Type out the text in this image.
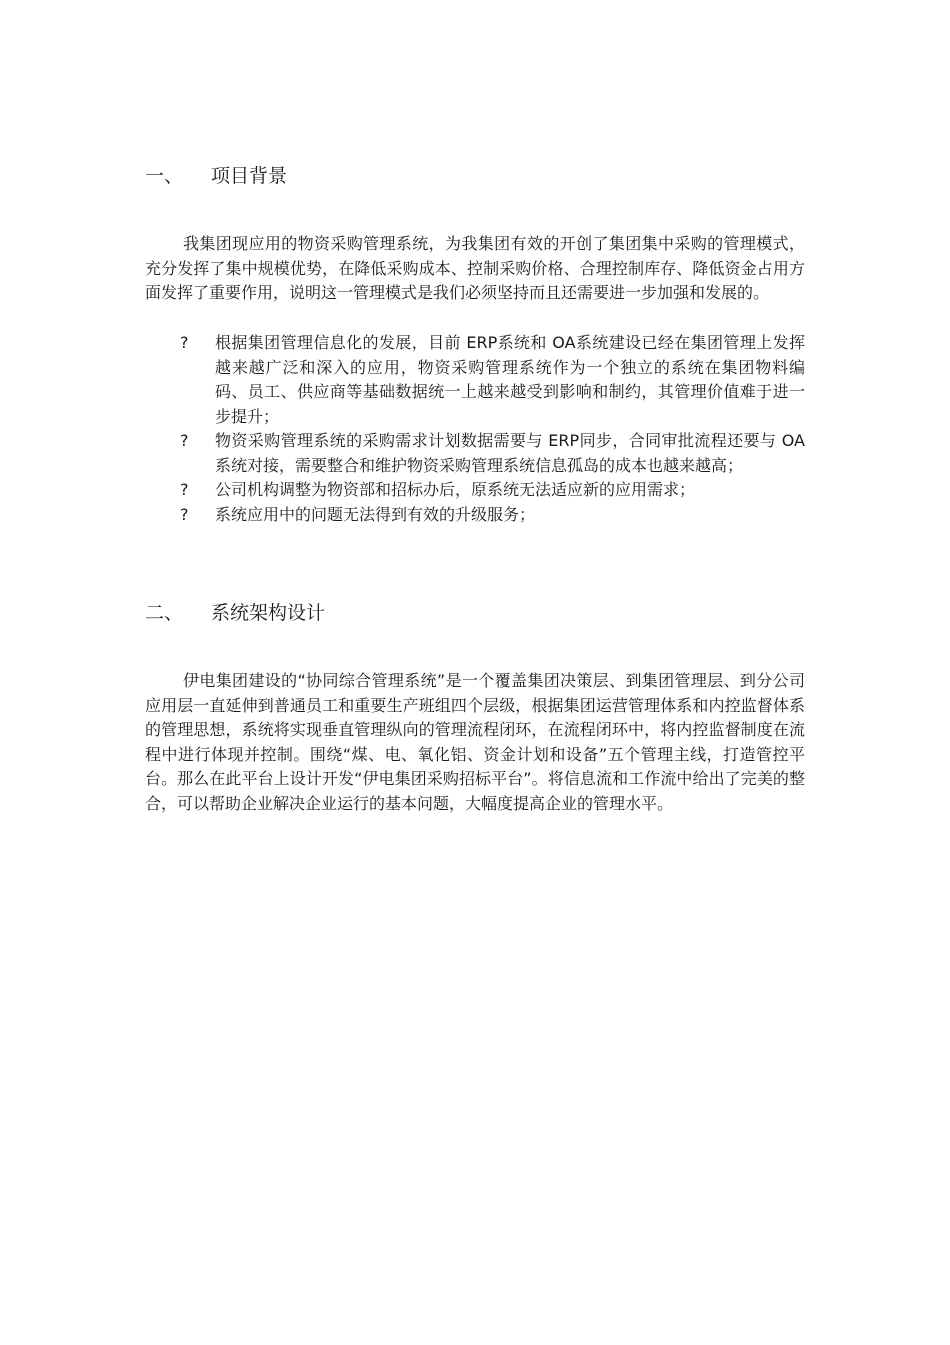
一、 项目背景

我集团现应用的物资采购管理系统，为我集团有效的开创了集团集中采购的管理模式，充分发挥了集中规模优势，在降低采购成本、控制采购价格、合理控制库存、降低资金占用方面发挥了重要作用，说明这一管理模式是我们必须坚持而且还需要进一步加强和发展的。

?	根据集团管理信息化的发展，目前 ERP系统和 OA系统建设已经在集团管理上发挥越来越广泛和深入的应用，物资采购管理系统作为一个独立的系统在集团物料编码、员工、供应商等基础数据统一上越来越受到影响和制约，其管理价值难于进一步提升；
?	物资采购管理系统的采购需求计划数据需要与 ERP同步，合同审批流程还要与 OA系统对接，需要整合和维护物资采购管理系统信息孤岛的成本也越来越高；
?	公司机构调整为物资部和招标办后，原系统无法适应新的应用需求；
?	系统应用中的问题无法得到有效的升级服务；
二、 系统架构设计

伊电集团建设的“协同综合管理系统”是一个覆盖集团决策层、到集团管理层、到分公司应用层一直延伸到普通员工和重要生产班组四个层级，根据集团运营管理体系和内控监督体系的管理思想，系统将实现垂直管理纵向的管理流程闭环，在流程闭环中，将内控监督制度在流程中进行体现并控制。围绕“煤、电、氧化铝、资金计划和设备”五个管理主线，打造管控平台。那么在此平台上设计开发“伊电集团采购招标平台”。将信息流和工作流中给出了完美的整合，可以帮助企业解决企业运行的基本问题，大幅度提高企业的管理水平。
